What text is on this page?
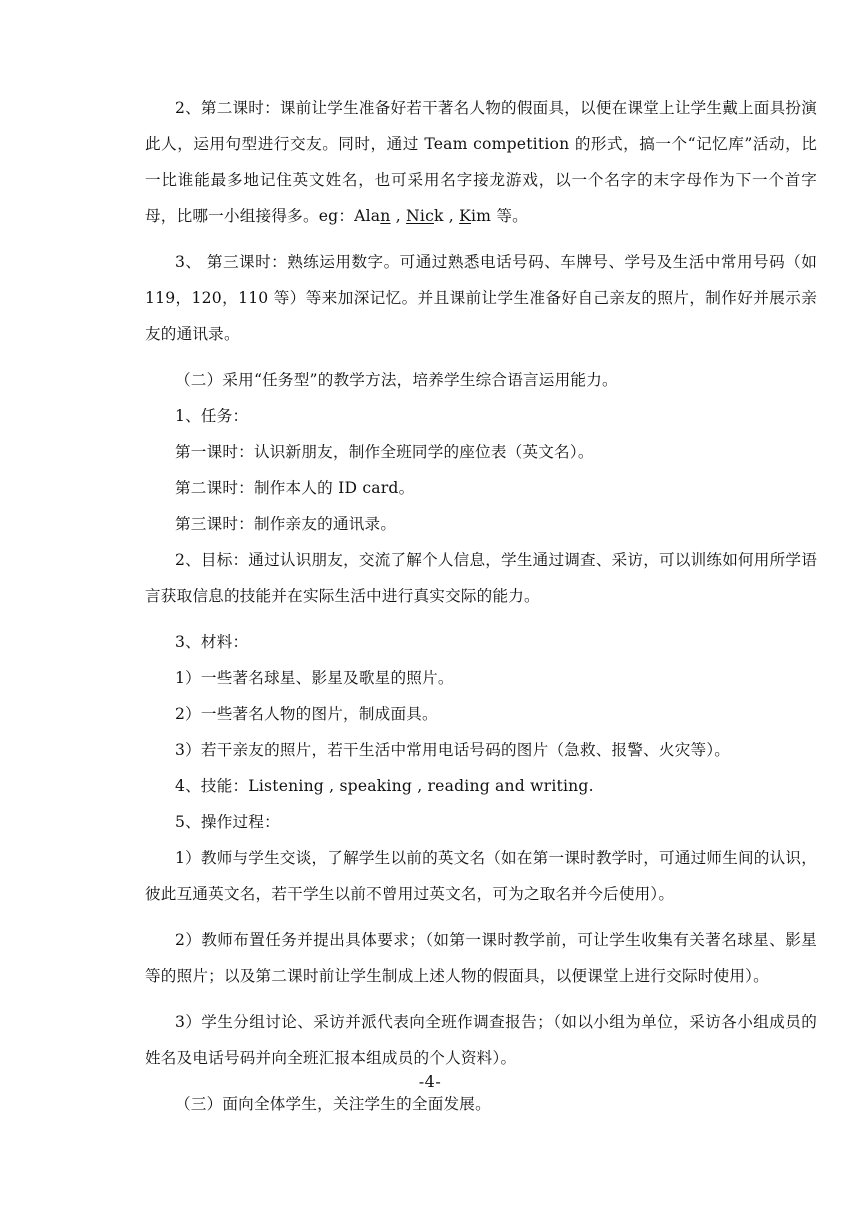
2、第二课时：课前让学生准备好若干著名人物的假面具，以便在课堂上让学生戴上面具扮演此人，运用句型进行交友。同时，通过 Team competition 的形式，搞一个“记忆库”活动，比一比谁能最多地记住英文姓名，也可采用名字接龙游戏，以一个名字的末字母作为下一个首字母，比哪一小组接得多。eg：Alan , Nick , Kim 等。

3、 第三课时：熟练运用数字。可通过熟悉电话号码、车牌号、学号及生活中常用号码（如 119，120，110 等）等来加深记忆。并且课前让学生准备好自己亲友的照片，制作好并展示亲友的通讯录。

（二）采用“任务型”的教学方法，培养学生综合语言运用能力。

1、任务：

第一课时：认识新朋友，制作全班同学的座位表（英文名）。

第二课时：制作本人的 ID card。

第三课时：制作亲友的通讯录。

2、目标：通过认识朋友，交流了解个人信息，学生通过调查、采访，可以训练如何用所学语言获取信息的技能并在实际生活中进行真实交际的能力。

3、材料：

1）一些著名球星、影星及歌星的照片。

2）一些著名人物的图片，制成面具。

3）若干亲友的照片，若干生活中常用电话号码的图片（急救、报警、火灾等）。

4、技能：Listening , speaking , reading and writing.

5、操作过程：

1）教师与学生交谈，了解学生以前的英文名（如在第一课时教学时，可通过师生间的认识，彼此互通英文名，若干学生以前不曾用过英文名，可为之取名并今后使用）。

2）教师布置任务并提出具体要求；（如第一课时教学前，可让学生收集有关著名球星、影星等的照片；以及第二课时前让学生制成上述人物的假面具，以便课堂上进行交际时使用）。

3）学生分组讨论、采访并派代表向全班作调查报告；（如以小组为单位，采访各小组成员的姓名及电话号码并向全班汇报本组成员的个人资料）。

（三）面向全体学生，关注学生的全面发展。

-4-
